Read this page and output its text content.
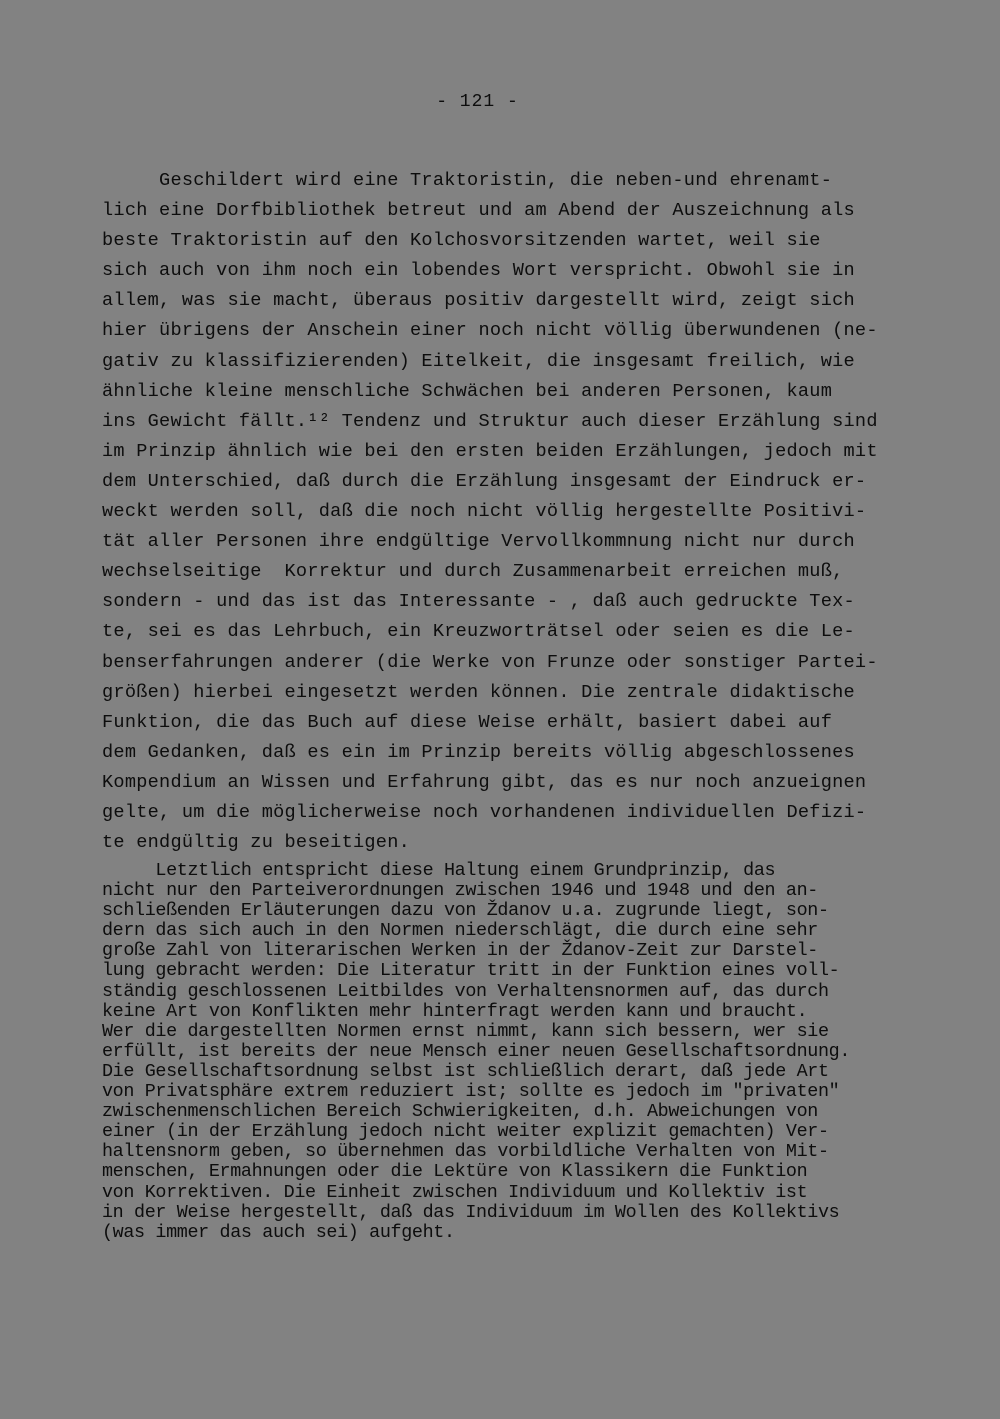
- 121 -
Geschildert wird eine Traktoristin, die neben-und ehrenamt-
lich eine Dorfbibliothek betreut und am Abend der Auszeichnung als
beste Traktoristin auf den Kolchosvorsitzenden wartet, weil sie
sich auch von ihm noch ein lobendes Wort verspricht. Obwohl sie in
allem, was sie macht, überaus positiv dargestellt wird, zeigt sich
hier übrigens der Anschein einer noch nicht völlig überwundenen (ne-
gativ zu klassifizierenden) Eitelkeit, die insgesamt freilich, wie
ähnliche kleine menschliche Schwächen bei anderen Personen, kaum
ins Gewicht fällt.¹² Tendenz und Struktur auch dieser Erzählung sind
im Prinzip ähnlich wie bei den ersten beiden Erzählungen, jedoch mit
dem Unterschied, daß durch die Erzählung insgesamt der Eindruck er-
weckt werden soll, daß die noch nicht völlig hergestellte Positivi-
tät aller Personen ihre endgültige Vervollkommnung nicht nur durch
wechselseitige  Korrektur und durch Zusammenarbeit erreichen muß,
sondern - und das ist das Interessante - , daß auch gedruckte Tex-
te, sei es das Lehrbuch, ein Kreuzworträtsel oder seien es die Le-
benserfahrungen anderer (die Werke von Frunze oder sonstiger Partei-
größen) hierbei eingesetzt werden können. Die zentrale didaktische
Funktion, die das Buch auf diese Weise erhält, basiert dabei auf
dem Gedanken, daß es ein im Prinzip bereits völlig abgeschlossenes
Kompendium an Wissen und Erfahrung gibt, das es nur noch anzueignen
gelte, um die möglicherweise noch vorhandenen individuellen Defizi-
te endgültig zu beseitigen.
Letztlich entspricht diese Haltung einem Grundprinzip, das
nicht nur den Parteiverordnungen zwischen 1946 und 1948 und den an-
schließenden Erläuterungen dazu von Ždanov u.a. zugrunde liegt, son-
dern das sich auch in den Normen niederschlägt, die durch eine sehr
große Zahl von literarischen Werken in der Ždanov-Zeit zur Darstel-
lung gebracht werden: Die Literatur tritt in der Funktion eines voll-
ständig geschlossenen Leitbildes von Verhaltensnormen auf, das durch
keine Art von Konflikten mehr hinterfragt werden kann und braucht.
Wer die dargestellten Normen ernst nimmt, kann sich bessern, wer sie
erfüllt, ist bereits der neue Mensch einer neuen Gesellschaftsordnung.
Die Gesellschaftsordnung selbst ist schließlich derart, daß jede Art
von Privatsphäre extrem reduziert ist; sollte es jedoch im "privaten"
zwischenmenschlichen Bereich Schwierigkeiten, d.h. Abweichungen von
einer (in der Erzählung jedoch nicht weiter explizit gemachten) Ver-
haltensnorm geben, so übernehmen das vorbildliche Verhalten von Mit-
menschen, Ermahnungen oder die Lektüre von Klassikern die Funktion
von Korrektiven. Die Einheit zwischen Individuum und Kollektiv ist
in der Weise hergestellt, daß das Individuum im Wollen des Kollektivs
(was immer das auch sei) aufgeht.
